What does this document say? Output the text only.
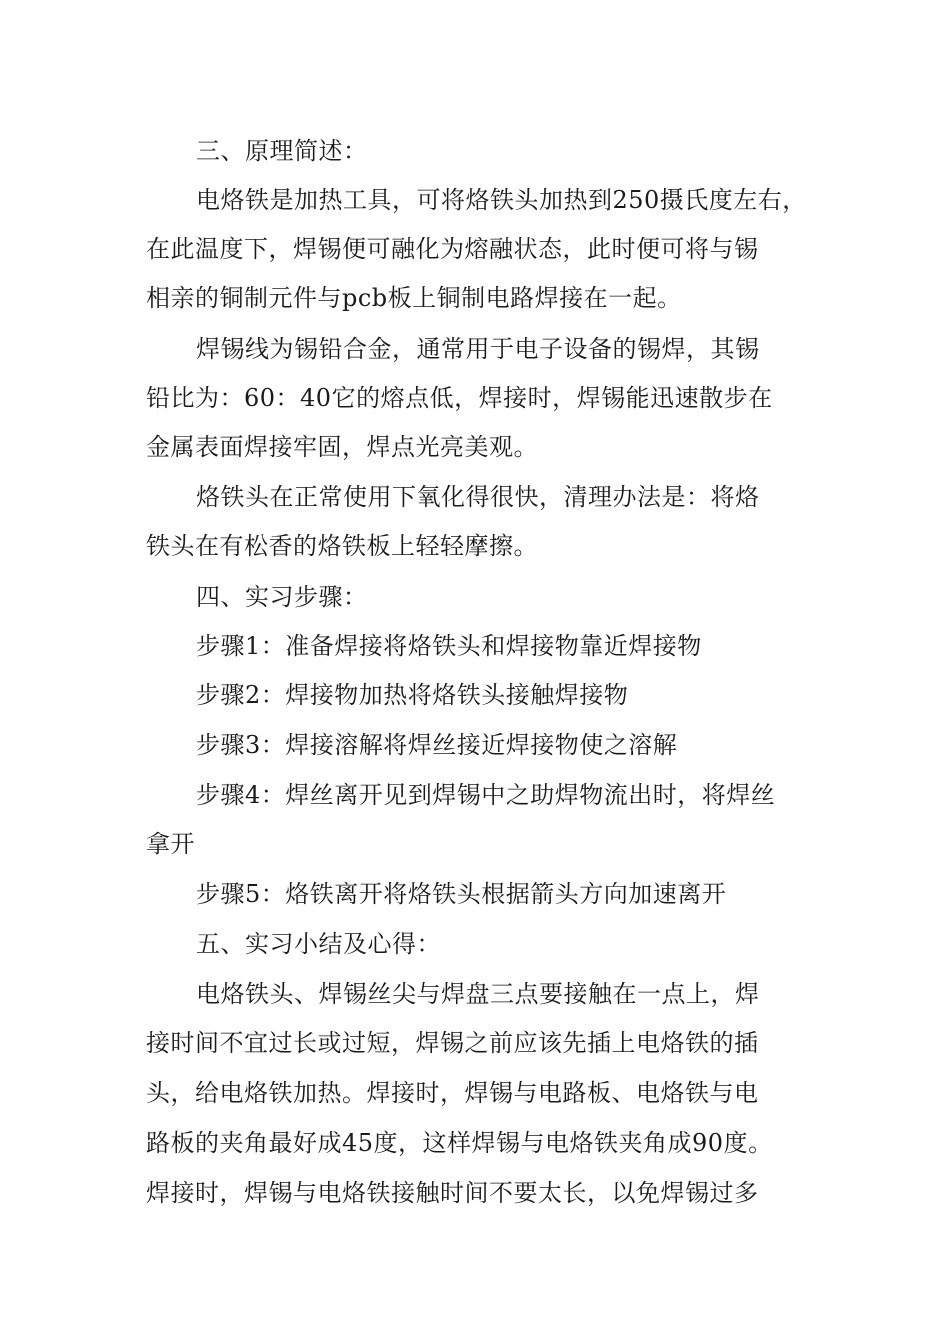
三、原理简述：
电烙铁是加热工具，可将烙铁头加热到250摄氏度左右，
在此温度下，焊锡便可融化为熔融状态，此时便可将与锡
相亲的铜制元件与pcb板上铜制电路焊接在一起。
焊锡线为锡铅合金，通常用于电子设备的锡焊，其锡
铅比为：60：40它的熔点低，焊接时，焊锡能迅速散步在
金属表面焊接牢固，焊点光亮美观。
烙铁头在正常使用下氧化得很快，清理办法是：将烙
铁头在有松香的烙铁板上轻轻摩擦。
四、实习步骤：
步骤1：准备焊接将烙铁头和焊接物靠近焊接物
步骤2：焊接物加热将烙铁头接触焊接物
步骤3：焊接溶解将焊丝接近焊接物使之溶解
步骤4：焊丝离开见到焊锡中之助焊物流出时，将焊丝
拿开
步骤5：烙铁离开将烙铁头根据箭头方向加速离开
五、实习小结及心得：
电烙铁头、焊锡丝尖与焊盘三点要接触在一点上，焊
接时间不宜过长或过短，焊锡之前应该先插上电烙铁的插
头，给电烙铁加热。焊接时，焊锡与电路板、电烙铁与电
路板的夹角最好成45度，这样焊锡与电烙铁夹角成90度。
焊接时，焊锡与电烙铁接触时间不要太长，以免焊锡过多
